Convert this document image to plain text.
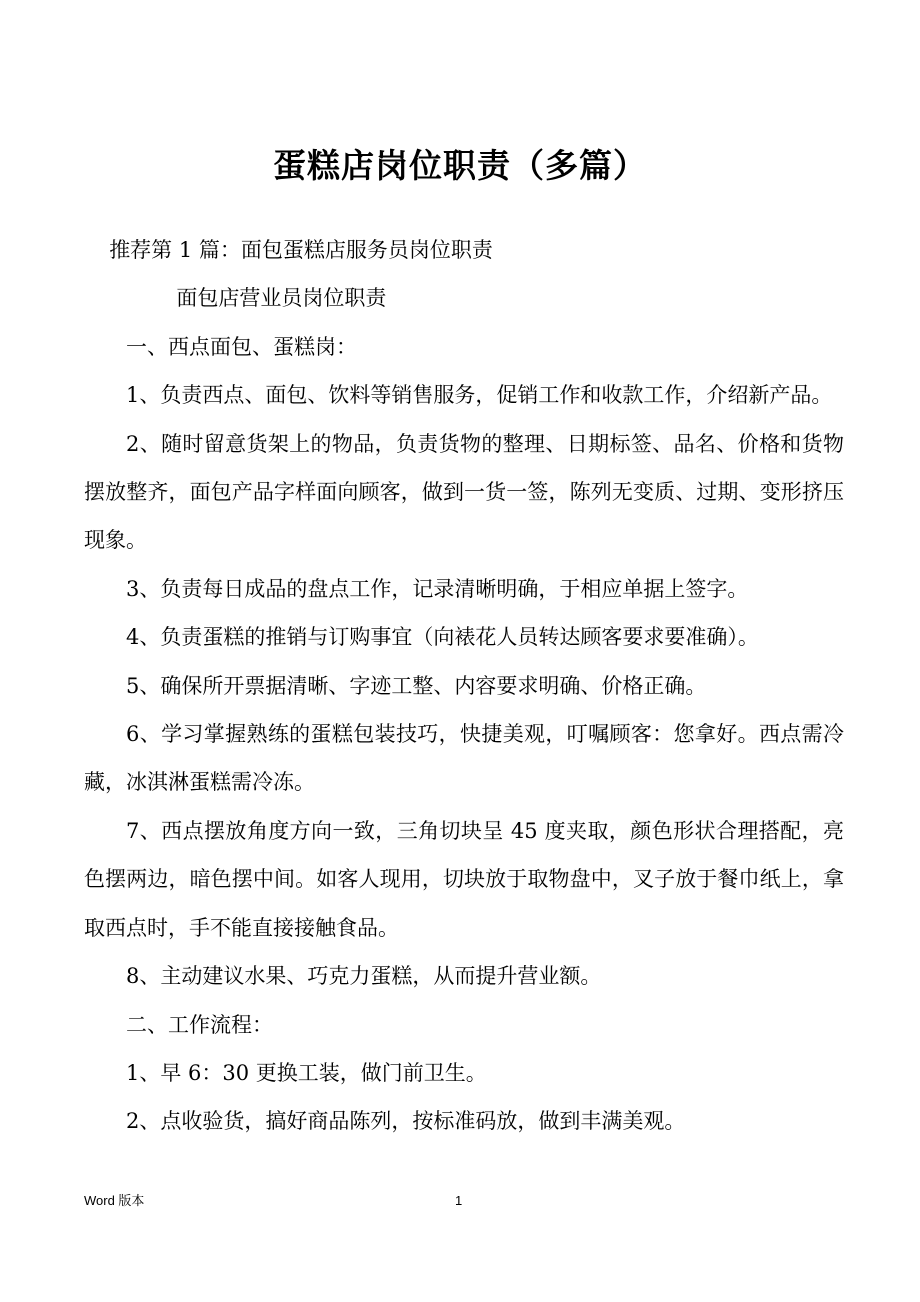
蛋糕店岗位职责（多篇）

推荐第 1 篇：面包蛋糕店服务员岗位职责

面包店营业员岗位职责

一、西点面包、蛋糕岗：

1、负责西点、面包、饮料等销售服务，促销工作和收款工作，介绍新产品。

2、随时留意货架上的物品，负责货物的整理、日期标签、品名、价格和货物摆放整齐，面包产品字样面向顾客，做到一货一签，陈列无变质、过期、变形挤压现象。

3、负责每日成品的盘点工作，记录清晰明确，于相应单据上签字。

4、负责蛋糕的推销与订购事宜（向裱花人员转达顾客要求要准确）。

5、确保所开票据清晰、字迹工整、内容要求明确、价格正确。

6、学习掌握熟练的蛋糕包装技巧，快捷美观，叮嘱顾客：您拿好。西点需冷藏，冰淇淋蛋糕需冷冻。

7、西点摆放角度方向一致，三角切块呈 45 度夹取，颜色形状合理搭配，亮色摆两边，暗色摆中间。如客人现用，切块放于取物盘中，叉子放于餐巾纸上，拿取西点时，手不能直接接触食品。

8、主动建议水果、巧克力蛋糕，从而提升营业额。

二、工作流程：

1、早 6：30 更换工装，做门前卫生。

2、点收验货，搞好商品陈列，按标准码放，做到丰满美观。

Word 版本	1
